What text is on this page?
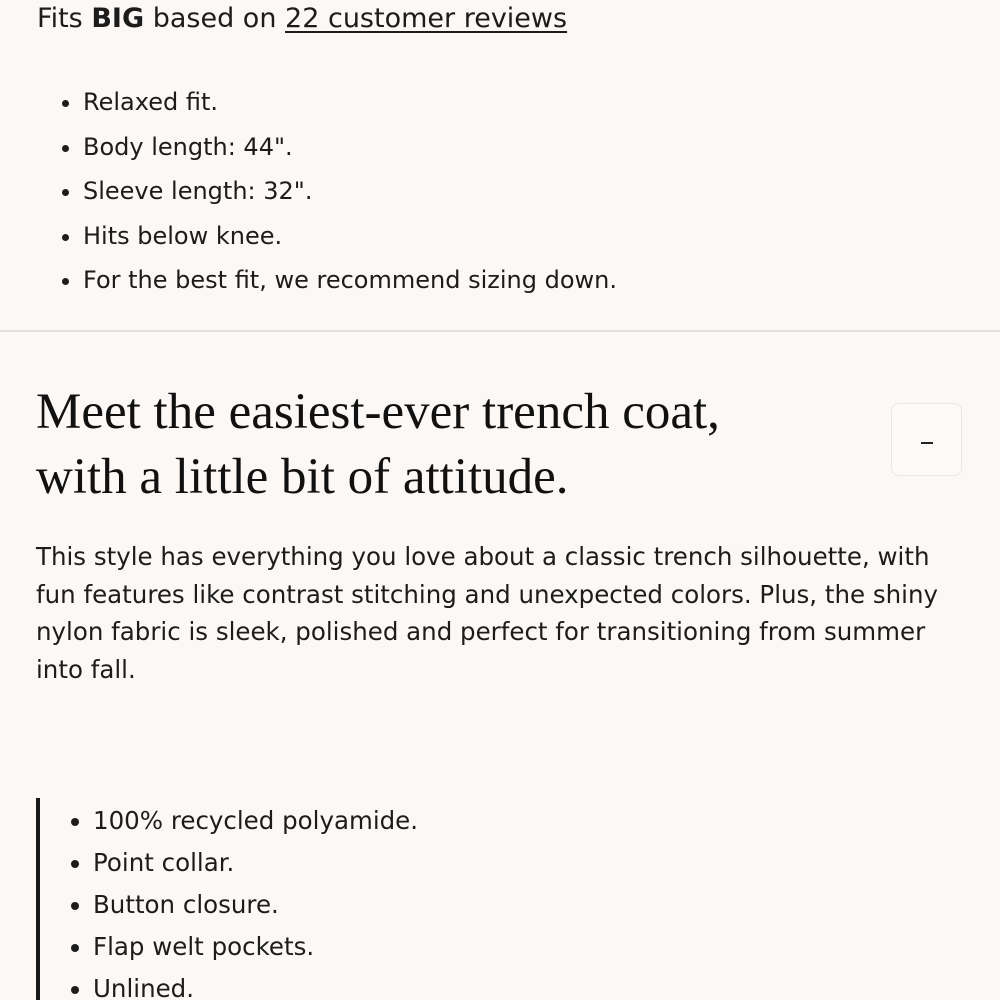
Fits BIG based on 22 customer reviews
• Relaxed fit.
• Body length: 44".
• Sleeve length: 32".
• Hits below knee.
• For the best fit, we recommend sizing down.
Meet the easiest-ever trench coat,
with a little bit of attitude.

This style has everything you love about a classic trench silhouette, with fun features like contrast stitching and unexpected colors. Plus, the shiny nylon fabric is sleek, polished and perfect for transitioning from summer into fall.

• 100% recycled polyamide.
• Point collar.
• Button closure.
• Flap welt pockets.
• Unlined.
